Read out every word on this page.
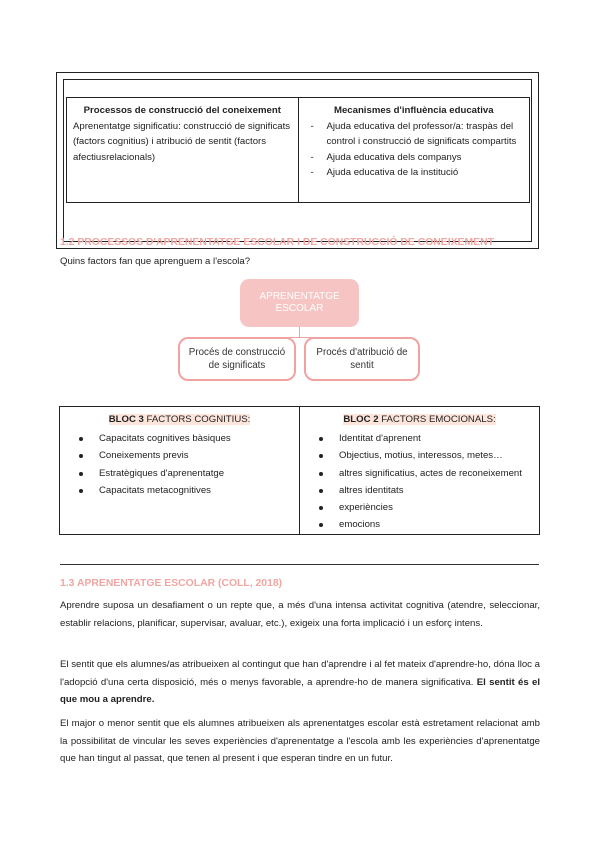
Processos de construcció del coneixement
Aprenentatge significatiu: construcció de significats (factors cognitius) i atribució de sentit (factors afectiusrelacionals)
Mecanismes d'influència educativa
- Ajuda educativa del professor/a: traspàs del control i construcció de significats compartits
- Ajuda educativa dels companys
- Ajuda educativa de la institució
1.2 PROCESSOS D'APRENENTATGE ESCOLAR I DE CONSTRUCCIÓ DE CONEIXEMENT
Quins factors fan que aprenguem a l'escola?
APRENENTATGE ESCOLAR
Procés de construcció de significats
Procés d'atribució de sentit
BLOC 3 FACTORS COGNITIUS:
Capacitats cognitives bàsiques
Coneixements previs
Estratègiques d'aprenentatge
Capacitats metacognitives
BLOC 2 FACTORS EMOCIONALS:
Identitat d'aprenent
Objectius, motius, interessos, metes…
altres significatius, actes de reconeixement
altres identitats
experiències
emocions
1.3 APRENENTATGE ESCOLAR (COLL, 2018)
Aprendre suposa un desafiament o un repte que, a més d'una intensa activitat cognitiva (atendre, seleccionar, establir relacions, planificar, supervisar, avaluar, etc.), exigeix una forta implicació i un esforç intens.
El sentit que els alumnes/as atribueixen al contingut que han d'aprendre i al fet mateix d'aprendre-ho, dóna lloc a l'adopció d'una certa disposició, més o menys favorable, a aprendre-ho de manera significativa. El sentit és el que mou a aprendre.
El major o menor sentit que els alumnes atribueixen als aprenentatges escolar està estretament relacionat amb la possibilitat de vincular les seves experiències d'aprenentatge a l'escola amb les experiències d'aprenentatge que han tingut al passat, que tenen al present i que esperan tindre en un futur.
